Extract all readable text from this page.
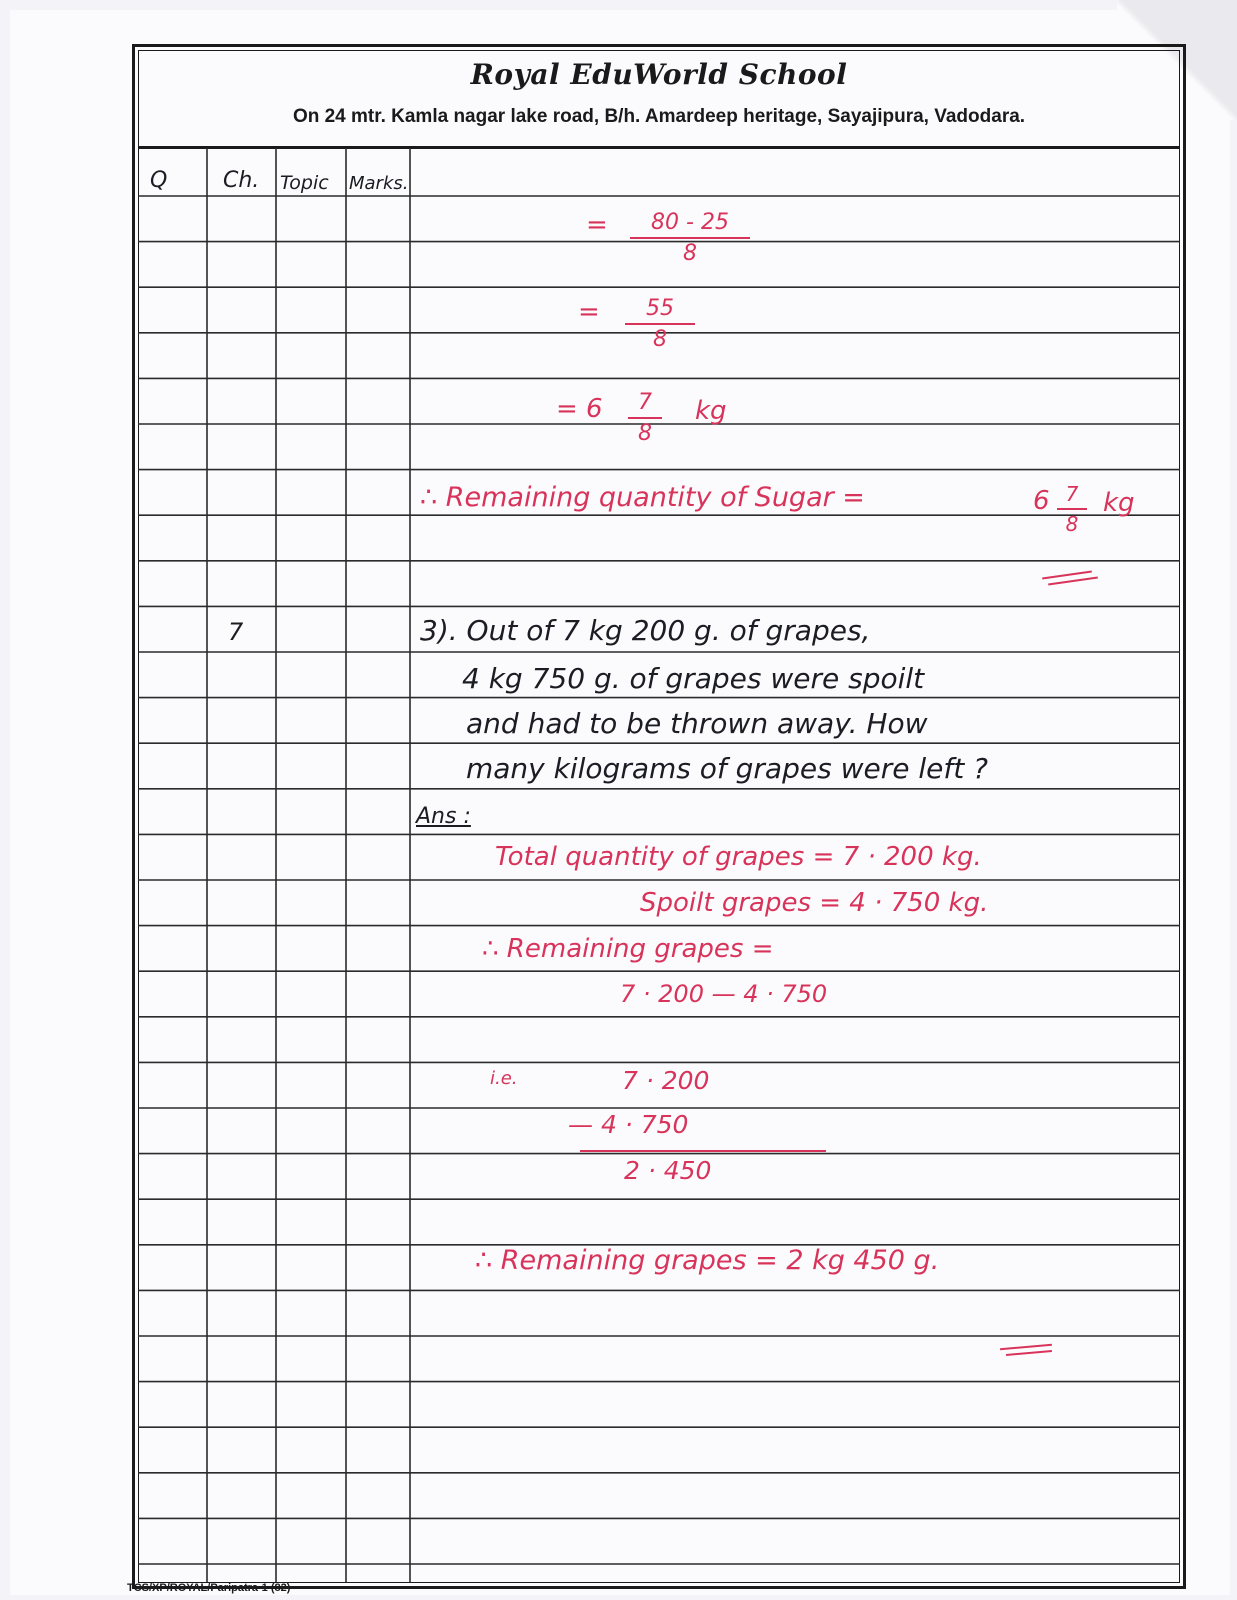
Royal EduWorld School
On 24 mtr. Kamla nagar lake road, B/h. Amardeep heritage, Sayajipura, Vadodara.
Q	Ch. Topic Marks.
=	80 - 25
8
=	55
8
= 6	7
8
kg
∴ Remaining quantity of Sugar =	6 7
8
kg
7	3). Out of 7 kg 200 g. of grapes,
4 kg 750 g. of grapes were spoilt
and had to be thrown away. How
many kilograms of grapes were left ?
Ans :
Total quantity of grapes = 7 · 200 kg.
Spoilt grapes = 4 · 750 kg.
∴ Remaining grapes =
7 · 200 — 4 · 750
i.e.	7 · 200
— 4 · 750
2 · 450
∴ Remaining grapes = 2 kg 450 g.
TCS/XP/ROYAL/Paripatra-1 (82)
